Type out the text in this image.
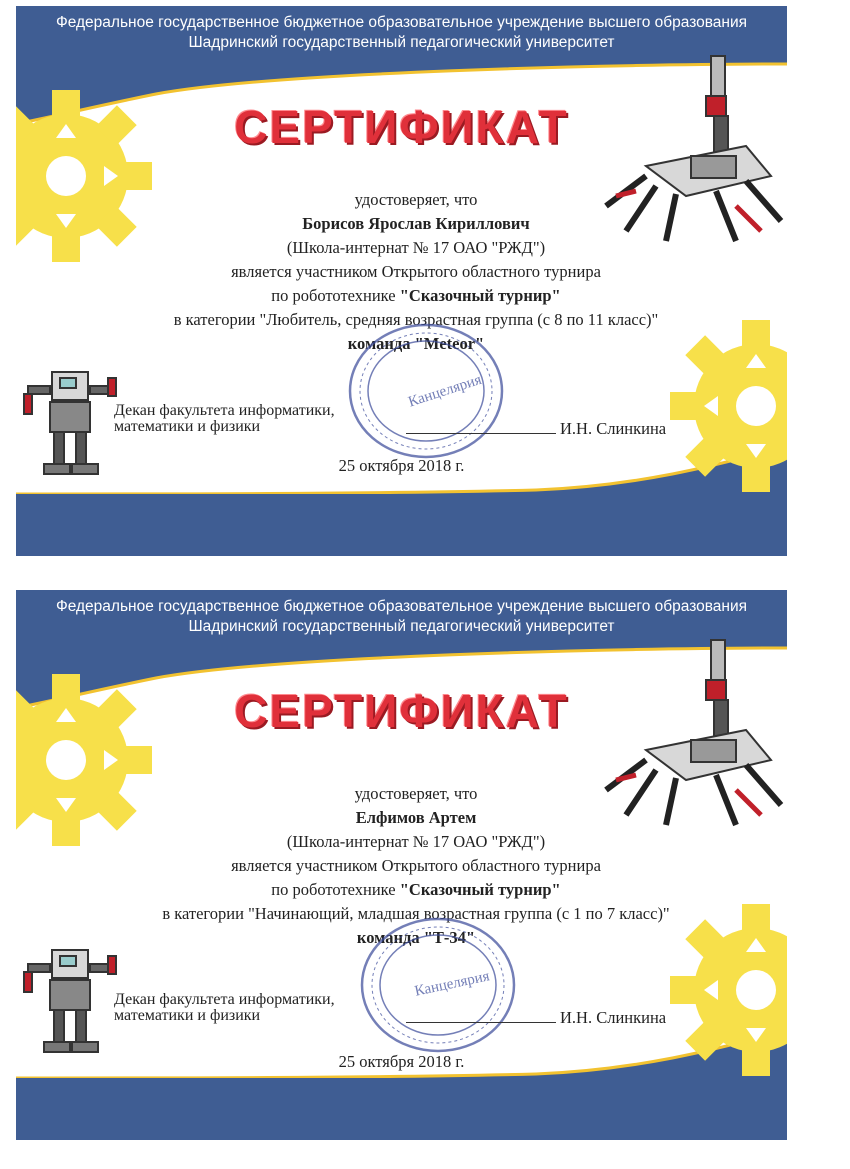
Федеральное государственное бюджетное образовательное учреждение высшего образования
Шадринский государственный педагогический университет
СЕРТИФИКАТ
удостоверяет, что
Борисов Ярослав Кириллович
(Школа-интернат № 17 ОАО "РЖД")
является участником Открытого областного турнира
по робототехнике "Сказочный турнир"
в категории "Любитель, средняя возрастная группа (с 8 по 11 класс)"
команда "Meteor"
Канцелярия
Декан факультета информатики,
математики и физики	И.Н. Слинкина
25 октября 2018 г.
Федеральное государственное бюджетное образовательное учреждение высшего образования
Шадринский государственный педагогический университет
СЕРТИФИКАТ
удостоверяет, что
Елфимов Артем
(Школа-интернат № 17 ОАО "РЖД")
является участником Открытого областного турнира
по робототехнике "Сказочный турнир"
в категории "Начинающий, младшая возрастная группа (с 1 по 7 класс)"
команда "Т-34"
Канцелярия
Декан факультета информатики,
математики и физики	И.Н. Слинкина
25 октября 2018 г.
